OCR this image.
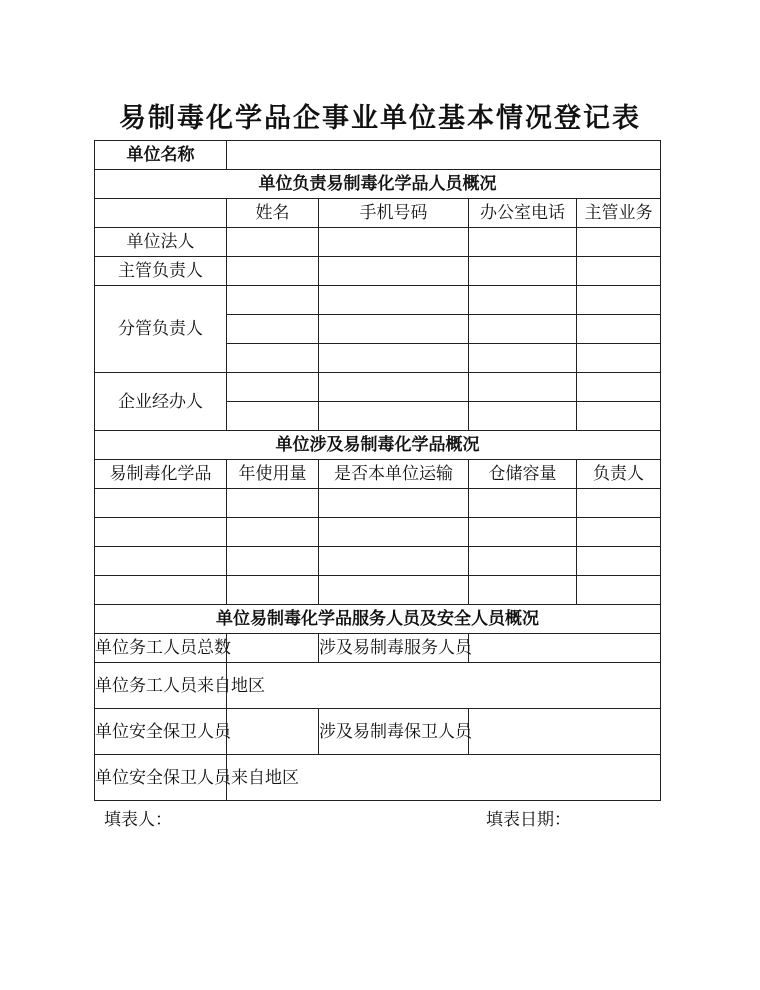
易制毒化学品企事业单位基本情况登记表
单位名称				
单位负责易制毒化学品人员概况				
	姓名	手机号码	办公室电话	主管业务
单位法人				
主管负责人				
分管负责人				

企业经办人				

单位涉及易制毒化学品概况				
易制毒化学品	年使用量	是否本单位运输	仓储容量	负责人

单位易制毒化学品服务人员及安全人员概况				
单位务工人员总数		涉及易制毒服务人员		
单位务工人员来自地区				
单位安全保卫人员		涉及易制毒保卫人员		
单位安全保卫人员来自地区				
填表人：	填表日期：
